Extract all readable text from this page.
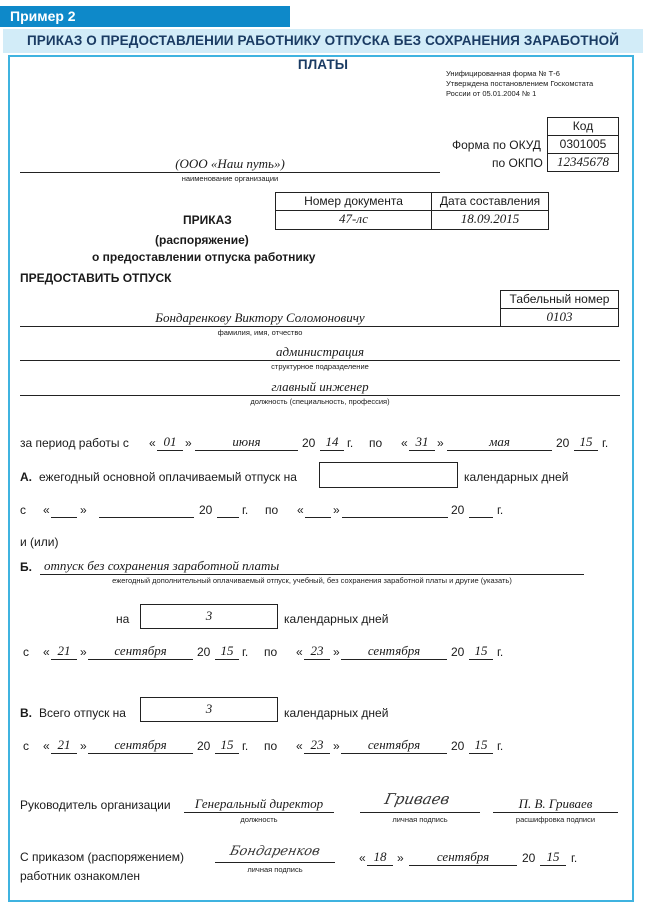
Пример 2
ПРИКАЗ О ПРЕДОСТАВЛЕНИИ РАБОТНИКУ ОТПУСКА БЕЗ СОХРАНЕНИЯ ЗАРАБОТНОЙ ПЛАТЫ
Унифицированная форма № Т-6
Утверждена постановлением Госкомстата
России от 05.01.2004 № 1
Код
0301005
12345678
Форма по ОКУД
по ОКПО
(ООО «Наш путь»)
наименование организации
Номер документа	Дата составления
47-лс	18.09.2015
ПРИКАЗ
(распоряжение)
о предоставлении отпуска работнику
ПРЕДОСТАВИТЬ ОТПУСК
Табельный номер
0103
Бондаренкову Виктору Соломоновичу
фамилия, имя, отчество
администрация
структурное подразделение
главный инженер
должность (специальность, профессия)
за период работы с « 01 »	июня	20 14 г. по « 31 »	мая	20 15 г.
А. ежегодный основной оплачиваемый отпуск на	календарных дней
с «	»	20 г. по « »	20	г.
и (или)
Б. отпуск без сохранения заработной платы
ежегодный дополнительный оплачиваемый отпуск, учебный, без сохранения заработной платы и другие (указать)
на	3	календарных дней
с « 21 »	сентября	20 15 г. по « 23 »	сентября	20 15 г.
В. Всего отпуск на	3	календарных дней
с « 21 »	сентября	20 15 г. по « 23 »	сентября	20 15 г.
Руководитель организации	Генеральный директор
должность
Гриваев
личная подпись
П. В. Гриваев
расшифровка подписи
С приказом (распоряжением)
работник ознакомлен
Бондаренков
личная подпись
« 18 »	сентября	20 15 г.
